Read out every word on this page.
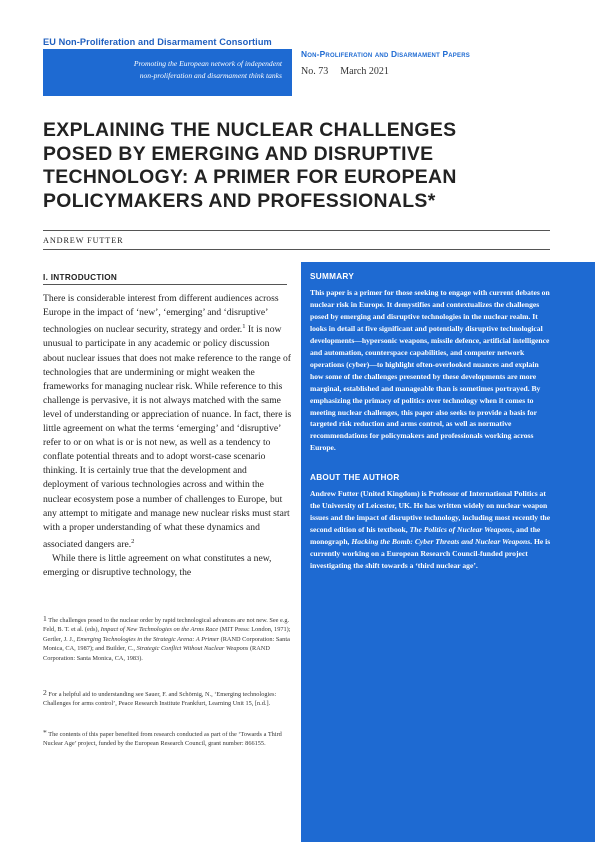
EU Non-Proliferation and Disarmament Consortium
Promoting the European network of independent
non-proliferation and disarmament think tanks
Non-Proliferation and Disarmament Papers
No. 73 March 2021
EXPLAINING THE NUCLEAR CHALLENGES
POSED BY EMERGING AND DISRUPTIVE
TECHNOLOGY: A PRIMER FOR EUROPEAN
POLICYMAKERS AND PROFESSIONALS*
ANDREW FUTTER
I. INTRODUCTION

There is considerable interest from different audiences across Europe in the impact of ‘new’, ‘emerging’ and ‘disruptive’ technologies on nuclear security, strategy and order.$^1$ It is now unusual to participate in any academic or policy discussion about nuclear issues that does not make reference to the range of technologies that are undermining or might weaken the frameworks for managing nuclear risk. While reference to this challenge is pervasive, it is not always matched with the same level of understanding or appreciation of nuance. In fact, there is little agreement on what the terms ‘emerging’ and ‘disruptive’ refer to or on what is or is not new, as well as a tendency to conflate potential threats and to adopt worst-case scenario thinking. It is certainly true that the development and deployment of various technologies across and within the nuclear ecosystem pose a number of challenges to Europe, but any attempt to mitigate and manage new nuclear risks must start with a proper understanding of what these dynamics and associated dangers are.$^2$

While there is little agreement on what constitutes a new, emerging or disruptive technology, the

1 The challenges posed to the nuclear order by rapid technological advances are not new. See e.g. Feld, B. T. et al. (eds), Impact of New Technologies on the Arms Race (MIT Press: London, 1971); Gertler, J. J., Emerging Technologies in the Strategic Arena: A Primer (RAND Corporation: Santa Monica, CA, 1987); and Builder, C., Strategic Conflict Without Nuclear Weapons (RAND Corporation: Santa Monica, CA, 1983).
2 For a helpful aid to understanding see Sauer, F. and Schörnig, N., ‘Emerging technologies: Challenges for arms control’, Peace Research Institute Frankfurt, Learning Unit 15, [n.d.].
* The contents of this paper benefited from research conducted as part of the ‘Towards a Third Nuclear Age’ project, funded by the European Research Council, grant number: 866155.
SUMMARY
This paper is a primer for those seeking to engage with current debates on nuclear risk in Europe. It demystifies and contextualizes the challenges posed by emerging and disruptive technologies in the nuclear realm. It looks in detail at five significant and potentially disruptive technological developments—hypersonic weapons, missile defence, artificial intelligence and automation, counterspace capabilities, and computer network operations (cyber)—to highlight often-overlooked nuances and explain how some of the challenges presented by these developments are more marginal, established and manageable than is sometimes portrayed. By emphasizing the primacy of politics over technology when it comes to meeting nuclear challenges, this paper also seeks to provide a basis for targeted risk reduction and arms control, as well as normative recommendations for policymakers and professionals working across Europe.
ABOUT THE AUTHOR
Andrew Futter (United Kingdom) is Professor of International Politics at the University of Leicester, UK. He has written widely on nuclear weapon issues and the impact of disruptive technology, including most recently the second edition of his textbook, The Politics of Nuclear Weapons, and the monograph, Hacking the Bomb: Cyber Threats and Nuclear Weapons. He is currently working on a European Research Council-funded project investigating the shift towards a ‘third nuclear age’.
